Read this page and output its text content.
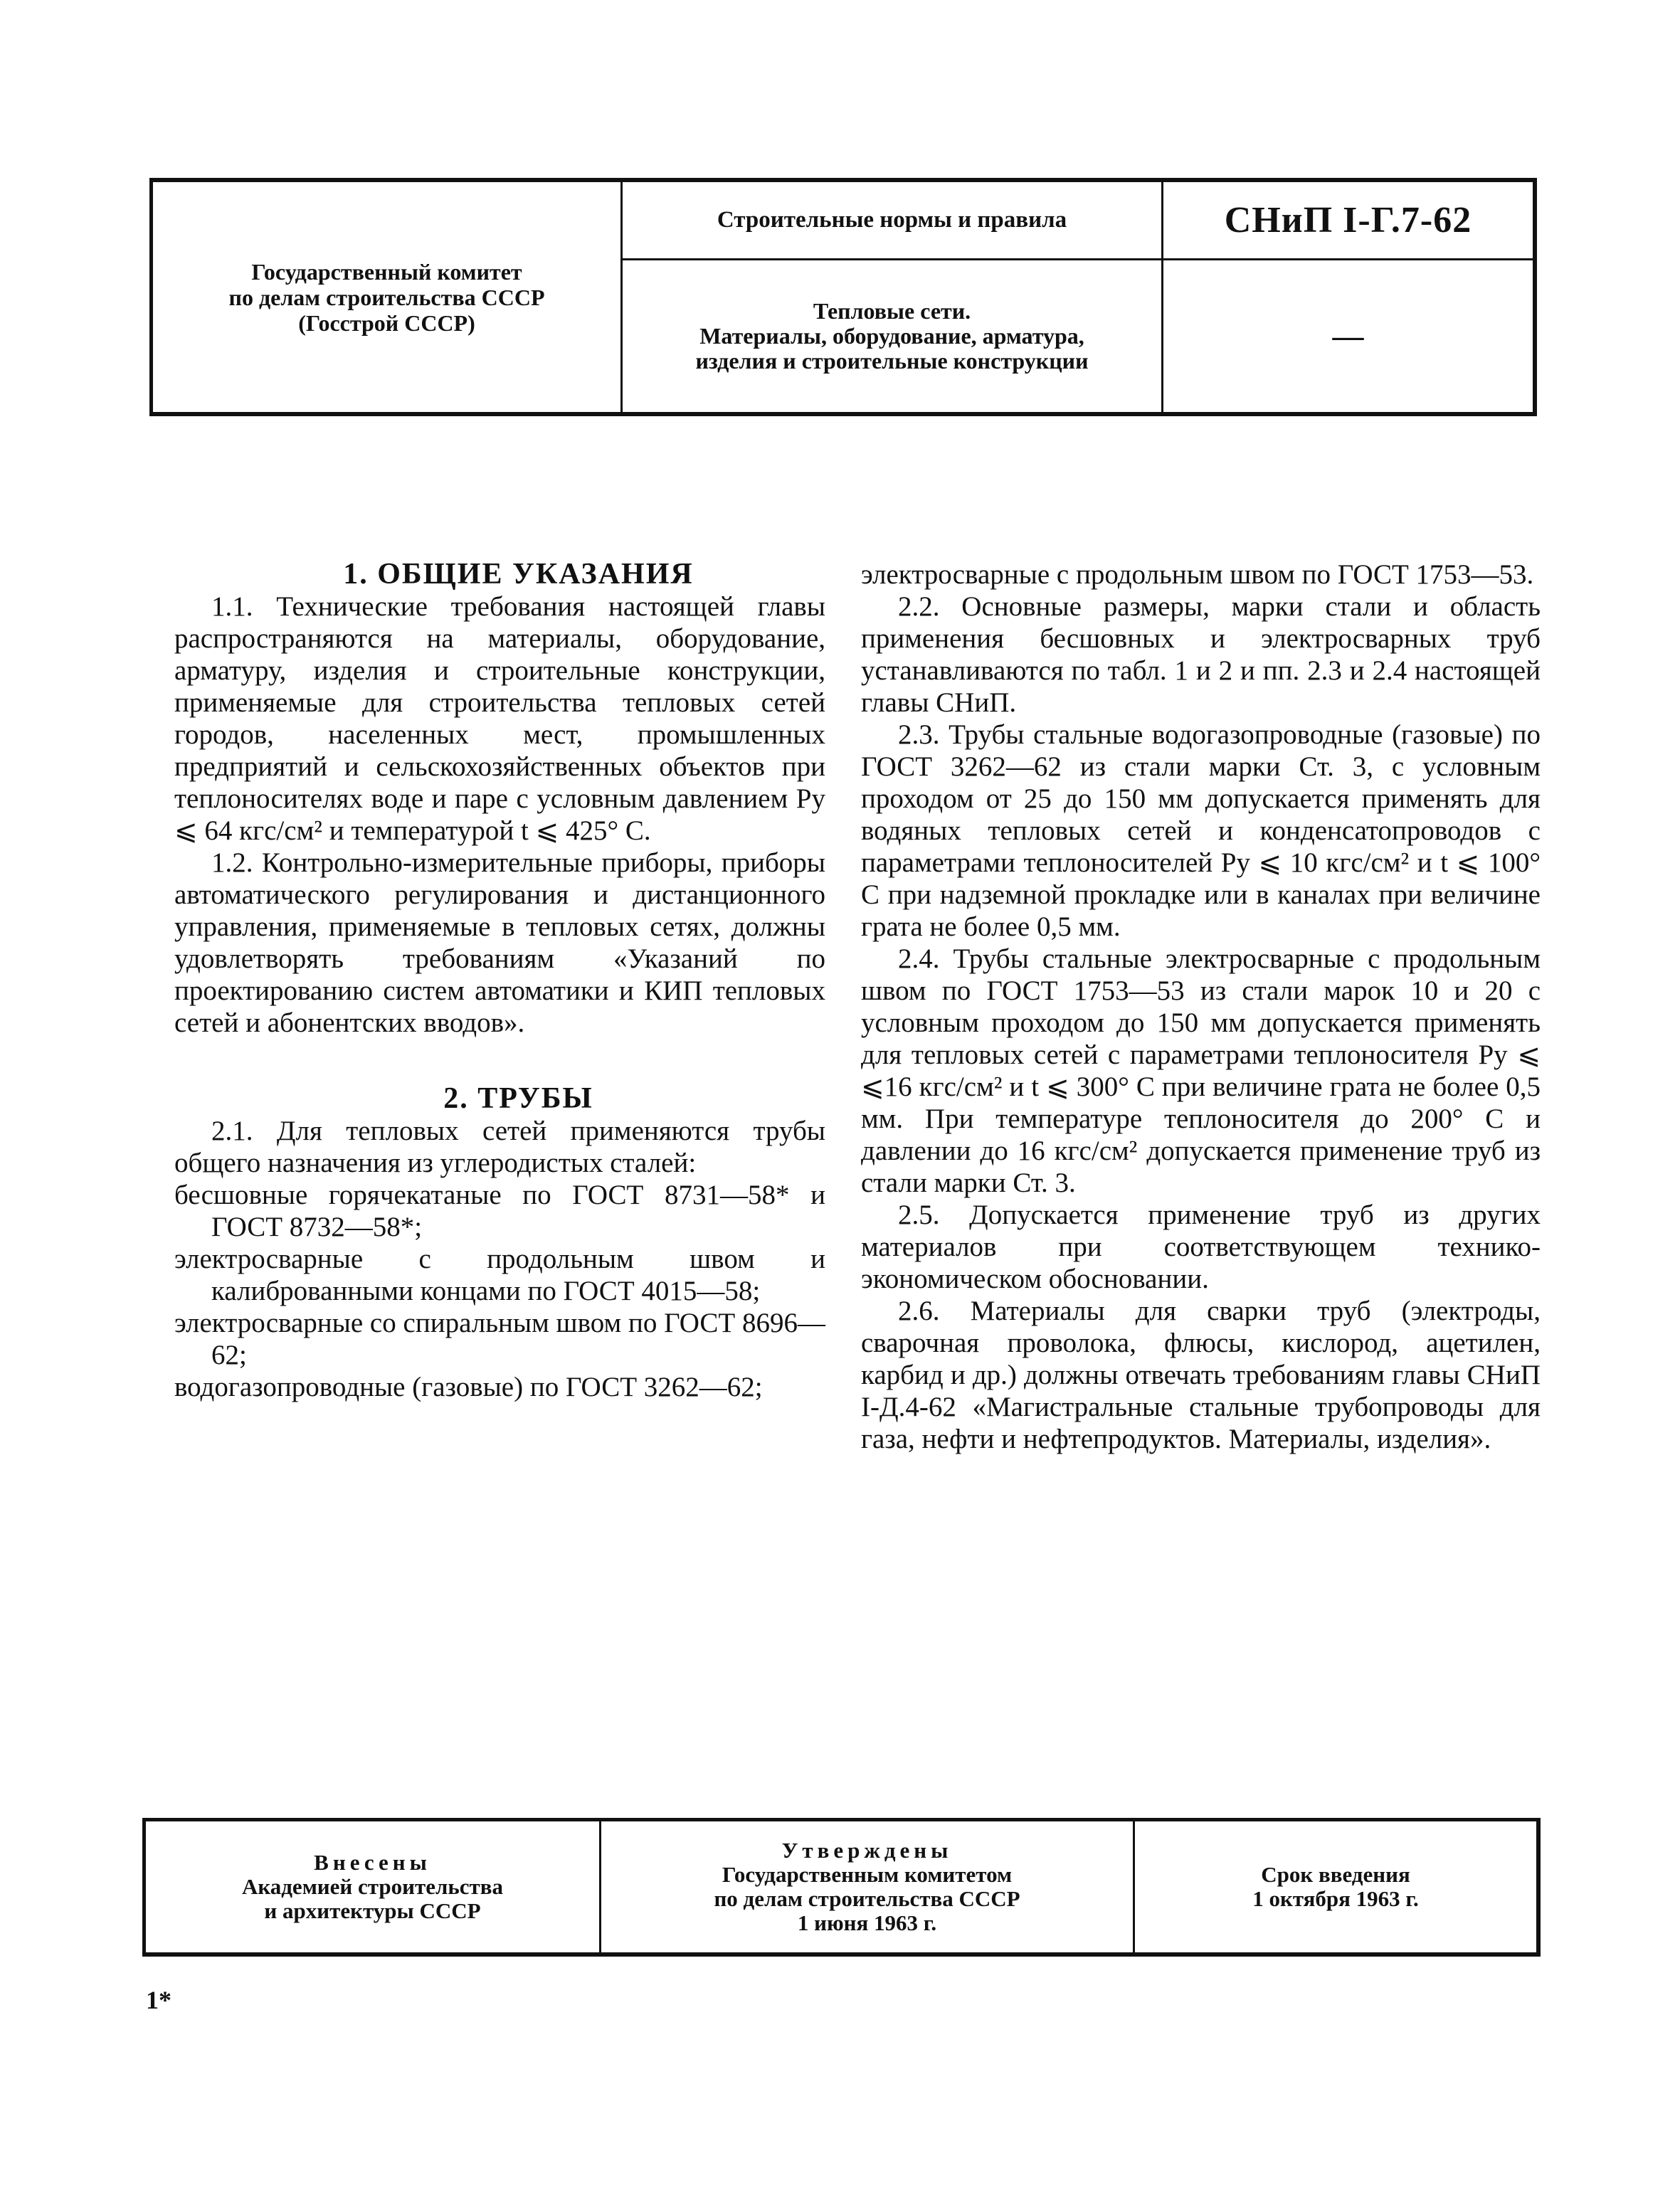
Государственный комитет
по делам строительства СССР
(Госстрой СССР)
Строительные нормы и правила	СНиП I-Г.7-62
Тепловые сети.
Материалы, оборудование, арматура,
изделия и строительные конструкции
—

1. ОБЩИЕ УКАЗАНИЯ

1.1. Технические требования настоящей главы распространяются на материалы, оборудование, арматуру, изделия и строительные конструкции, применяемые для строительства тепловых сетей городов, населенных мест, промышленных предприятий и сельскохозяйственных объектов при теплоносителях воде и паре с условным давлением Pу ⩽ 64 кгс/см² и температурой t ⩽ 425° С.

1.2. Контрольно-измерительные приборы, приборы автоматического регулирования и дистанционного управления, применяемые в тепловых сетях, должны удовлетворять требованиям «Указаний по проектированию систем автоматики и КИП тепловых сетей и абонентских вводов».

2. ТРУБЫ

2.1. Для тепловых сетей применяются трубы общего назначения из углеродистых сталей:

бесшовные горячекатаные по ГОСТ 8731—58* и ГОСТ 8732—58*;

электросварные с продольным швом и калиброванными концами по ГОСТ 4015—58;

электросварные со спиральным швом по ГОСТ 8696—62;

водогазопроводные (газовые) по ГОСТ 3262—62;

электросварные с продольным швом по ГОСТ 1753—53.

2.2. Основные размеры, марки стали и область применения бесшовных и электросварных труб устанавливаются по табл. 1 и 2 и пп. 2.3 и 2.4 настоящей главы СНиП.

2.3. Трубы стальные водогазопроводные (газовые) по ГОСТ 3262—62 из стали марки Ст. 3, с условным проходом от 25 до 150 мм допускается применять для водяных тепловых сетей и конденсатопроводов с параметрами теплоносителей Pу ⩽ 10 кгс/см² и t ⩽ 100° С при надземной прокладке или в каналах при величине грата не более 0,5 мм.

2.4. Трубы стальные электросварные с продольным швом по ГОСТ 1753—53 из стали марок 10 и 20 с условным проходом до 150 мм допускается применять для тепловых сетей с параметрами теплоносителя Pу ⩽ ⩽16 кгс/см² и t ⩽ 300° С при величине грата не более 0,5 мм. При температуре теплоносителя до 200° С и давлении до 16 кгс/см² допускается применение труб из стали марки Ст. 3.

2.5. Допускается применение труб из других материалов при соответствующем технико-экономическом обосновании.

2.6. Материалы для сварки труб (электроды, сварочная проволока, флюсы, кислород, ацетилен, карбид и др.) должны отвечать требованиям главы СНиП I-Д.4-62 «Магистральные стальные трубопроводы для газа, нефти и нефтепродуктов. Материалы, изделия».

Внесены
Академией строительства
и архитектуры СССР
Утверждены
Государственным комитетом
по делам строительства СССР
1 июня 1963 г.
Срок введения
1 октября 1963 г.
1*
